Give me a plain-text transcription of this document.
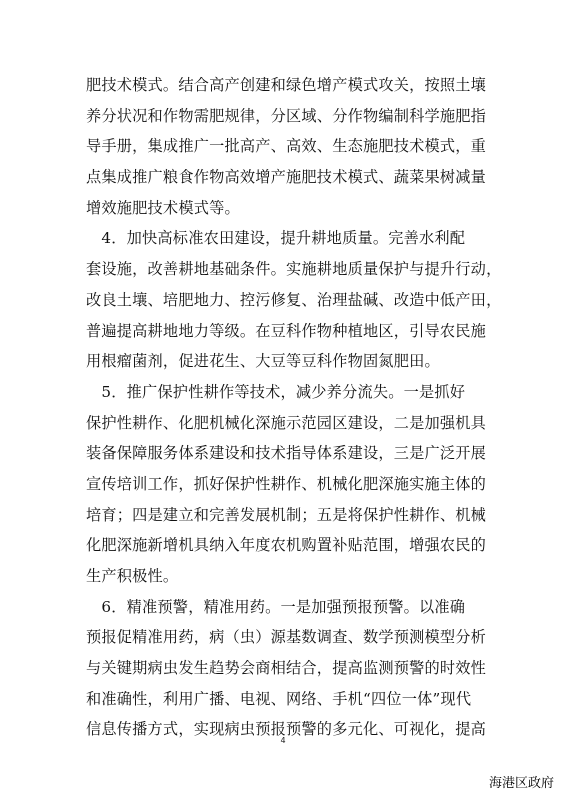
肥技术模式。结合高产创建和绿色增产模式攻关，按照土壤
养分状况和作物需肥规律，分区域、分作物编制科学施肥指
导手册，集成推广一批高产、高效、生态施肥技术模式，重
点集成推广粮食作物高效增产施肥技术模式、蔬菜果树减量
增效施肥技术模式等。
　4．加快高标准农田建设，提升耕地质量。完善水利配
套设施，改善耕地基础条件。实施耕地质量保护与提升行动，
改良土壤、培肥地力、控污修复、治理盐碱、改造中低产田，
普遍提高耕地地力等级。在豆科作物种植地区，引导农民施
用根瘤菌剂，促进花生、大豆等豆科作物固氮肥田。
　5．推广保护性耕作等技术，减少养分流失。一是抓好
保护性耕作、化肥机械化深施示范园区建设，二是加强机具
装备保障服务体系建设和技术指导体系建设，三是广泛开展
宣传培训工作，抓好保护性耕作、机械化肥深施实施主体的
培育；四是建立和完善发展机制；五是将保护性耕作、机械
化肥深施新增机具纳入年度农机购置补贴范围，增强农民的
生产积极性。
　6．精准预警，精准用药。一是加强预报预警。以准确
预报促精准用药，病（虫）源基数调查、数学预测模型分析
与关键期病虫发生趋势会商相结合，提高监测预警的时效性
和准确性，利用广播、电视、网络、手机“四位一体”现代
信息传播方式，实现病虫预报预警的多元化、可视化，提高
4
海港区政府
